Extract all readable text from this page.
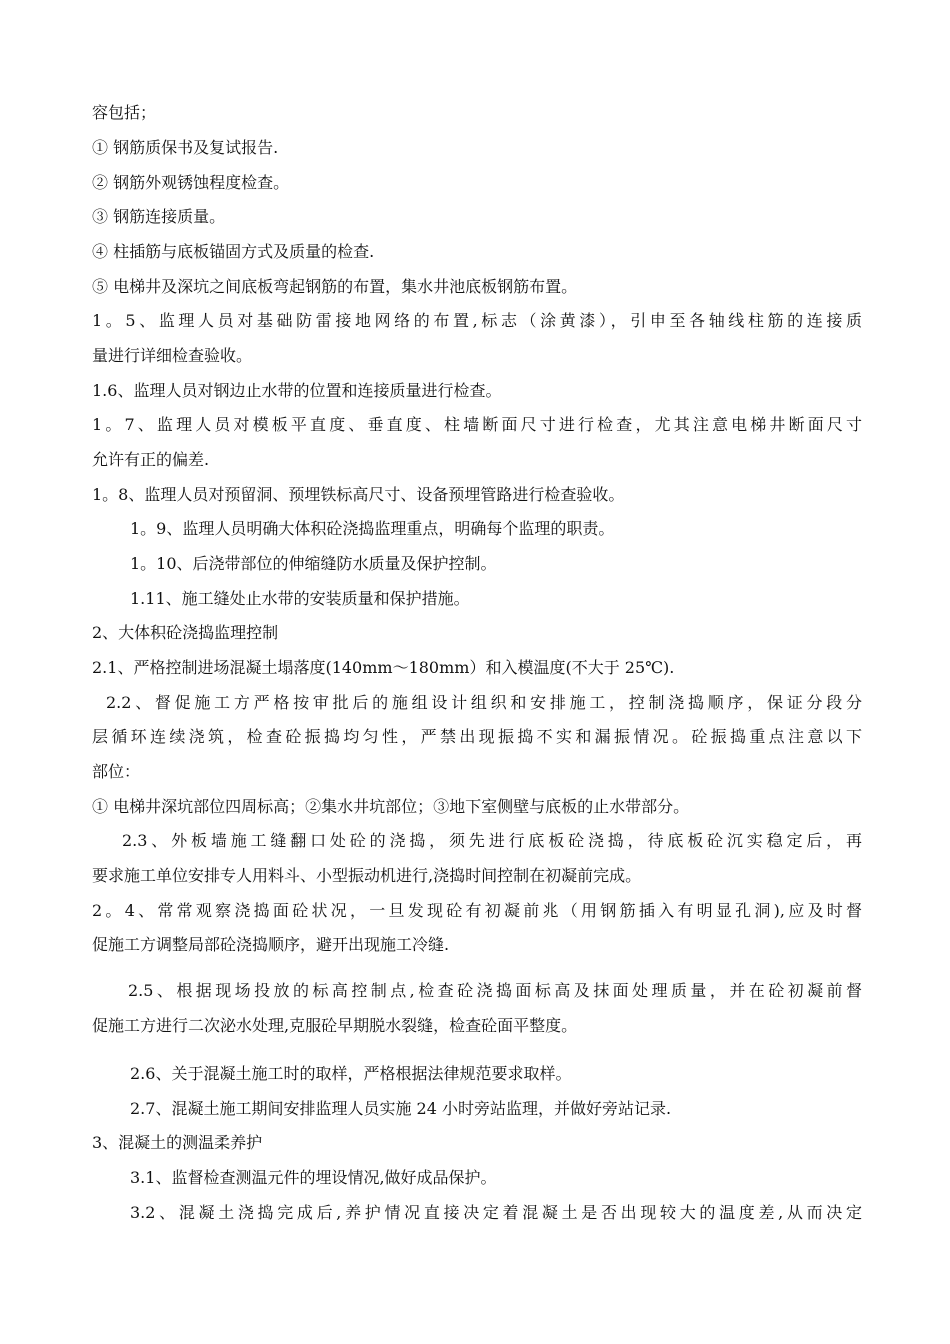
容包括；
① 钢筋质保书及复试报告.
② 钢筋外观锈蚀程度检查。
③ 钢筋连接质量。
④ 柱插筋与底板锚固方式及质量的检查.
⑤ 电梯井及深坑之间底板弯起钢筋的布置，集水井池底板钢筋布置。
1。5、监理人员对基础防雷接地网络的布置,标志（涂黄漆），引申至各轴线柱筋的连接质
量进行详细检查验收。
1.6、监理人员对钢边止水带的位置和连接质量进行检查。
1。7、监理人员对模板平直度、垂直度、柱墙断面尺寸进行检查，尤其注意电梯井断面尺寸
允许有正的偏差.
1。8、监理人员对预留洞、预埋铁标高尺寸、设备预埋管路进行检查验收。
1。9、监理人员明确大体积砼浇捣监理重点，明确每个监理的职责。
1。10、后浇带部位的伸缩缝防水质量及保护控制。
1.11、施工缝处止水带的安装质量和保护措施。
2、大体积砼浇捣监理控制
2.1、严格控制进场混凝土塌落度(140mm～180mm）和入模温度(不大于 25℃).
2.2、督促施工方严格按审批后的施组设计组织和安排施工，控制浇捣顺序，保证分段分
层循环连续浇筑，检查砼振捣均匀性，严禁出现振捣不实和漏振情况。砼振捣重点注意以下
部位：
① 电梯井深坑部位四周标高；②集水井坑部位；③地下室侧壁与底板的止水带部分。
2.3、外板墙施工缝翻口处砼的浇捣，须先进行底板砼浇捣，待底板砼沉实稳定后，再
要求施工单位安排专人用料斗、小型振动机进行,浇捣时间控制在初凝前完成。
2。4、常常观察浇捣面砼状况，一旦发现砼有初凝前兆（用钢筋插入有明显孔洞),应及时督
促施工方调整局部砼浇捣顺序，避开出现施工冷缝.
2.5、根据现场投放的标高控制点,检查砼浇捣面标高及抹面处理质量，并在砼初凝前督
促施工方进行二次泌水处理,克服砼早期脱水裂缝，检查砼面平整度。
2.6、关于混凝土施工时的取样，严格根据法律规范要求取样。
2.7、混凝土施工期间安排监理人员实施 24 小时旁站监理，并做好旁站记录.
3、混凝土的测温柔养护
3.1、监督检查测温元件的埋设情况,做好成品保护。
3.2、混凝土浇捣完成后,养护情况直接决定着混凝土是否出现较大的温度差,从而决定
